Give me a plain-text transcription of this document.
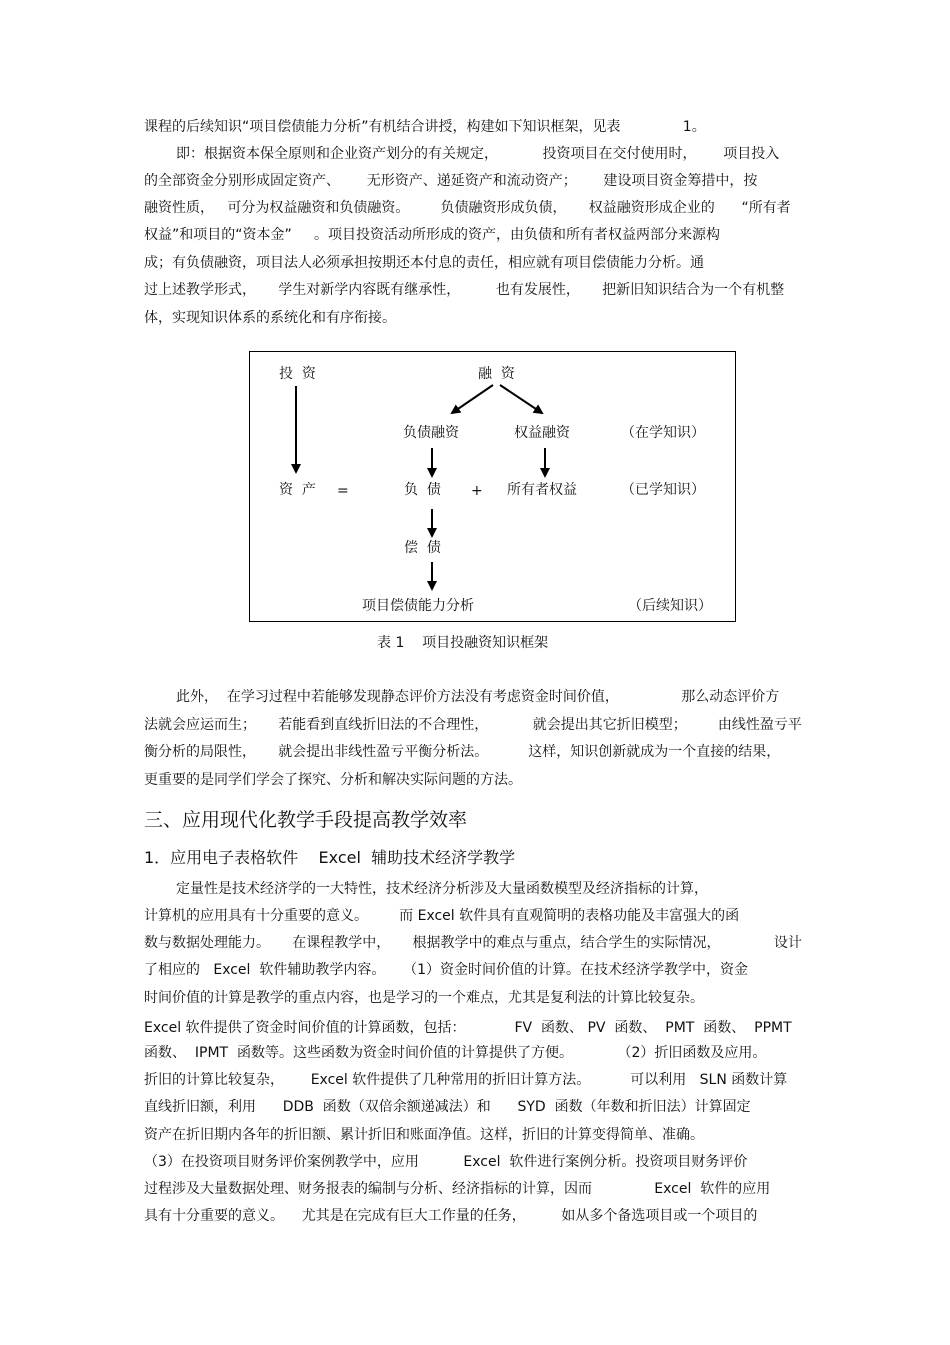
课程的后续知识“项目偿债能力分析”有机结合讲授，构建如下知识框架，见表              1。
即：根据资本保全原则和企业资产划分的有关规定，          投资项目在交付使用时，      项目投入
的全部资金分别形成固定资产、      无形资产、递延资产和流动资产；      建设项目资金筹措中，按
融资性质，   可分为权益融资和负债融资。       负债融资形成负债，     权益融资形成企业的      “所有者
权益”和项目的“资本金”     。项目投资活动所形成的资产，由负债和所有者权益两部分来源构
成；有负债融资，项目法人必须承担按期还本付息的责任，相应就有项目偿债能力分析。通
过上述教学形式，     学生对新学内容既有继承性，        也有发展性，     把新旧知识结合为一个有机整
体，实现知识体系的系统化和有序衔接。
投  资	融  资
负债融资	权益融资	（在学知识）
资  产 =	负  债 + 所有者权益	（已学知识）
偿  债
项目偿债能力分析	（后续知识）
表 1    项目投融资知识框架
此外，  在学习过程中若能够发现静态评价方法没有考虑资金时间价值，              那么动态评价方
法就会应运而生；     若能看到直线折旧法的不合理性，          就会提出其它折旧模型；       由线性盈亏平
衡分析的局限性，     就会提出非线性盈亏平衡分析法。         这样，知识创新就成为一个直接的结果，
更重要的是同学们学会了探究、分析和解决实际问题的方法。
三、应用现代化教学手段提高教学效率
1．应用电子表格软件    Excel  辅助技术经济学教学
定量性是技术经济学的一大特性，技术经济分析涉及大量函数模型及经济指标的计算，
计算机的应用具有十分重要的意义。       而 Excel 软件具有直观简明的表格功能及丰富强大的函
数与数据处理能力。     在课程教学中，     根据教学中的难点与重点，结合学生的实际情况，            设计
了相应的   Excel  软件辅助教学内容。    （1）资金时间价值的计算。在技术经济学教学中，资金
时间价值的计算是教学的重点内容，也是学习的一个难点，尤其是复利法的计算比较复杂。
Excel 软件提供了资金时间价值的计算函数，包括：           FV  函数、 PV  函数、  PMT  函数、  PPMT
函数、  IPMT  函数等。这些函数为资金时间价值的计算提供了方便。          （2）折旧函数及应用。
折旧的计算比较复杂，      Excel 软件提供了几种常用的折旧计算方法。         可以利用   SLN 函数计算
直线折旧额，利用      DDB  函数（双倍余额递减法）和      SYD  函数（年数和折旧法）计算固定
资产在折旧期内各年的折旧额、累计折旧和账面净值。这样，折旧的计算变得简单、准确。
（3）在投资项目财务评价案例教学中，应用          Excel  软件进行案例分析。投资项目财务评价
过程涉及大量数据处理、财务报表的编制与分析、经济指标的计算，因而              Excel  软件的应用
具有十分重要的意义。    尤其是在完成有巨大工作量的任务，        如从多个备选项目或一个项目的
